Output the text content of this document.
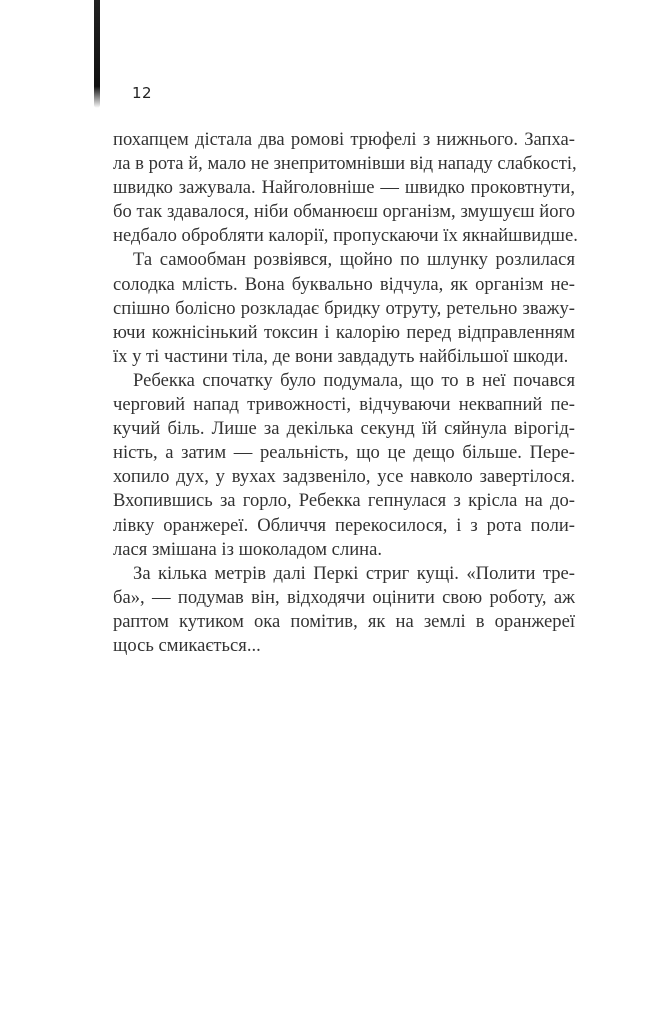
12
похапцем дістала два ромові трюфелі з нижнього. Запха-
ла в рота й, мало не знепритомнівши від нападу слабкості,
швидко зажувала. Найголовніше — швидко проковтнути,
бо так здавалося, ніби обманюєш організм, змушуєш його
недбало обробляти калорії, пропускаючи їх якнайшвидше.
Та самообман розвіявся, щойно по шлунку розлилася
солодка млість. Вона буквально відчула, як організм не-
спішно болісно розкладає бридку отруту, ретельно зважу-
ючи кожнісінький токсин і калорію перед відправленням
їх у ті частини тіла, де вони завдадуть найбільшої шкоди.
Ребекка спочатку було подумала, що то в неї почався
черговий напад тривожності, відчуваючи неквапний пе-
кучий біль. Лише за декілька секунд їй сяйнула вірогід-
ність, а затим — реальність, що це дещо більше. Пере-
хопило дух, у вухах задзвеніло, усе навколо завертілося.
Вхопившись за горло, Ребекка гепнулася з крісла на до-
лівку оранжереї. Обличчя перекосилося, і з рота поли-
лася змішана із шоколадом слина.
За кілька метрів далі Перкі стриг кущі. «Полити тре-
ба», — подумав він, відходячи оцінити свою роботу, аж
раптом кутиком ока помітив, як на землі в оранжереї
щось смикається...
